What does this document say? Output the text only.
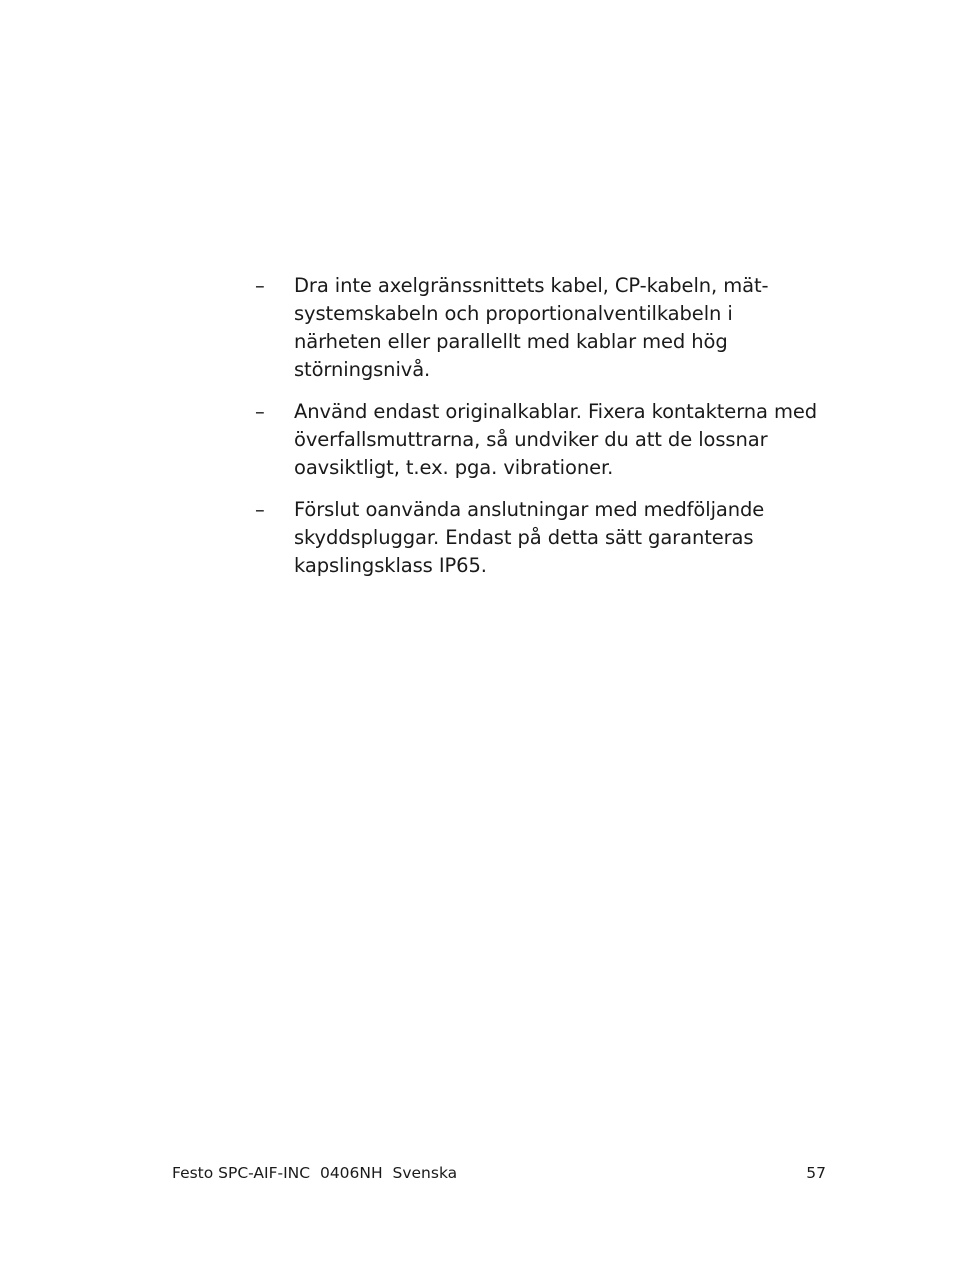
– Dra inte axelgränssnittets kabel, CP-kabeln, mät-
systemskabeln och proportionalventilkabeln i
närheten eller parallellt med kablar med hög
störningsnivå.
– Använd endast originalkablar. Fixera kontakterna med
överfallsmuttrarna, så undviker du att de lossnar
oavsiktligt, t.ex. pga. vibrationer.
– Förslut oanvända anslutningar med medföljande
skyddspluggar. Endast på detta sätt garanteras
kapslingsklass IP65.
Festo SPC-AIF-INC  0406NH  Svenska	57
